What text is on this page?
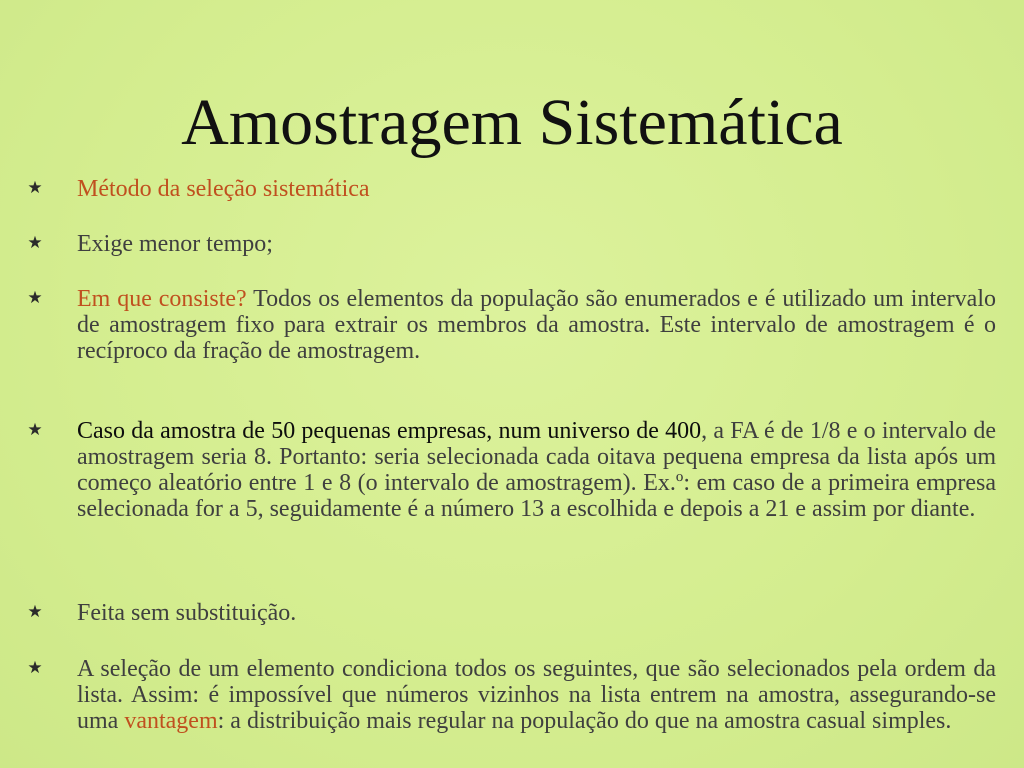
Amostragem Sistemática
★ Método da seleção sistemática
★ Exige menor tempo;
★ Em que consiste? Todos os elementos da população são enumerados e é utilizado um intervalo de amostragem fixo para extrair os membros da amostra. Este intervalo de amostragem é o recíproco da fração de amostragem.
★ Caso da amostra de 50 pequenas empresas, num universo de 400, a FA é de 1/8 e o intervalo de amostragem seria 8. Portanto: seria selecionada cada oitava pequena empresa da lista após um começo aleatório entre 1 e 8 (o intervalo de amostragem). Ex.º: em caso de a primeira empresa selecionada for a 5, seguidamente é a número 13 a escolhida e depois a 21 e assim por diante.
★ Feita sem substituição.
★ A seleção de um elemento condiciona todos os seguintes, que são selecionados pela ordem da lista. Assim: é impossível que números vizinhos na lista entrem na amostra, assegurando-se uma vantagem: a distribuição mais regular na população do que na amostra casual simples.
